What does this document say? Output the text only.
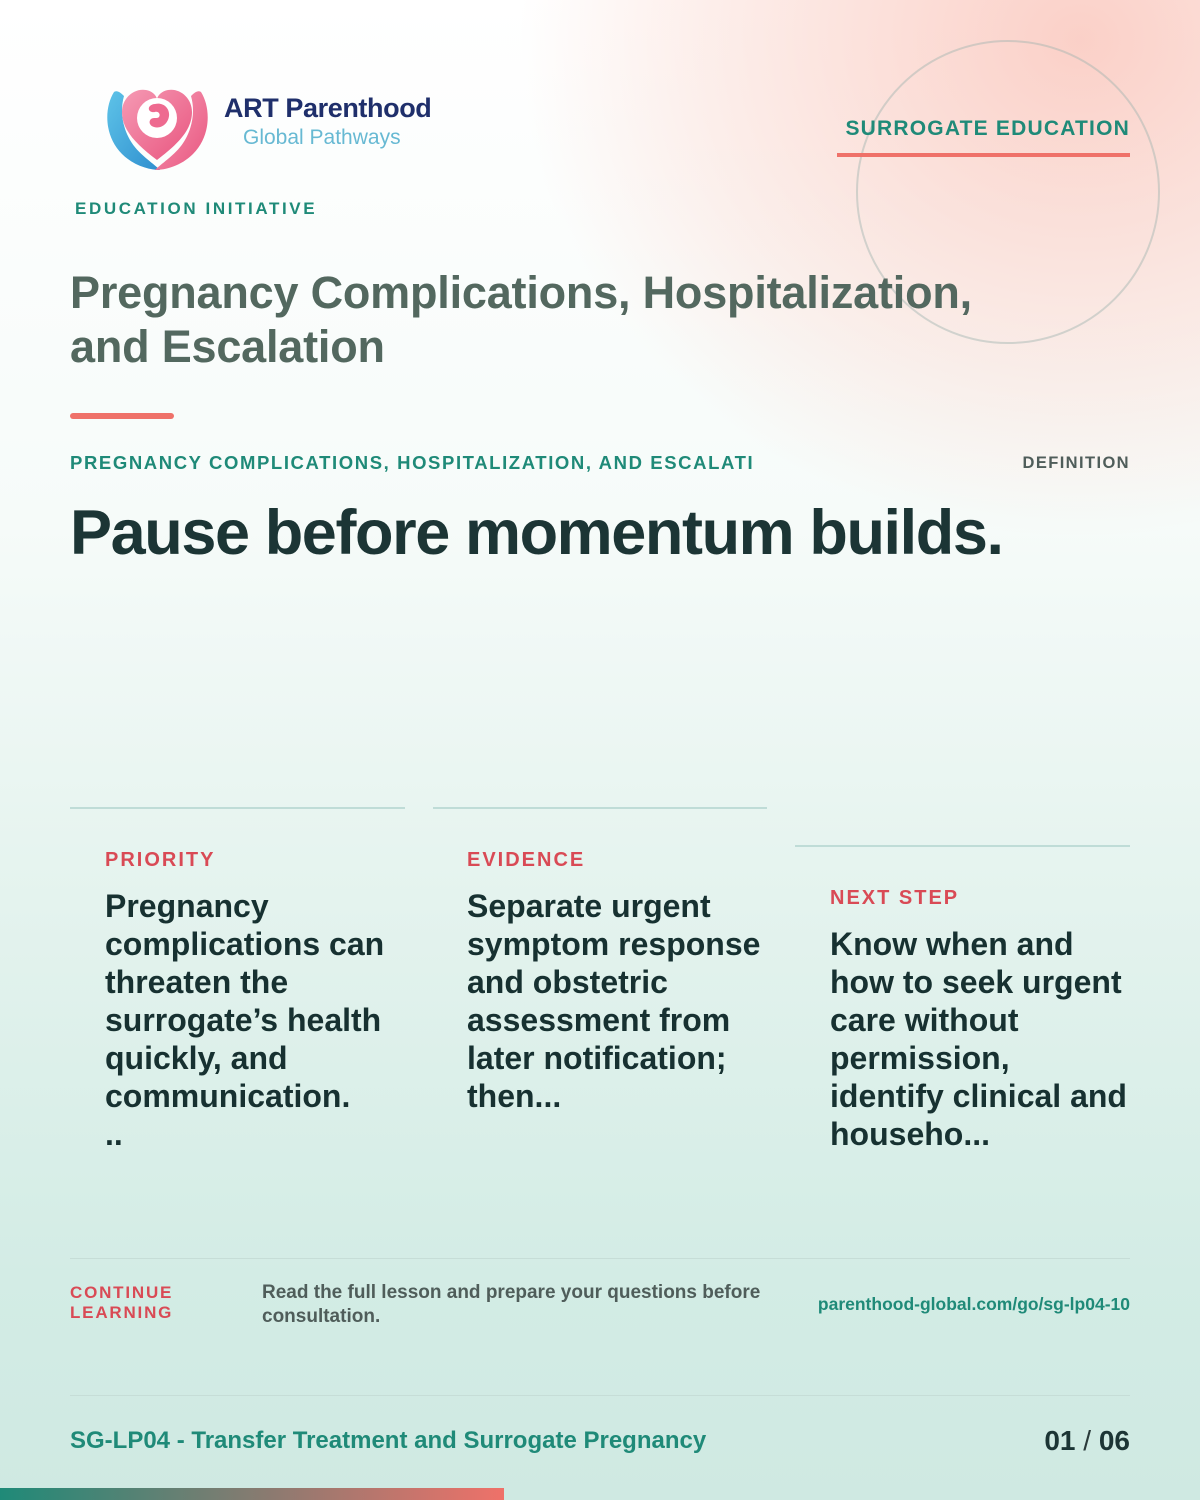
ART Parenthood
Global Pathways
EDUCATION INITIATIVE
SURROGATE EDUCATION
Pregnancy Complications, Hospitalization, and Escalation
PREGNANCY COMPLICATIONS, HOSPITALIZATION, AND ESCALATI	DEFINITION
Pause before momentum builds.
PRIORITY
Pregnancy complications can threaten the surrogate’s health quickly, and communication.
..
EVIDENCE
Separate urgent symptom response and obstetric assessment from later notification; then...
NEXT STEP
Know when and how to seek urgent care without permission, identify clinical and househo...
CONTINUE LEARNING
Read the full lesson and prepare your questions before consultation.
parenthood-global.com/go/sg-lp04-10
SG-LP04 - Transfer Treatment and Surrogate Pregnancy	01 / 06
